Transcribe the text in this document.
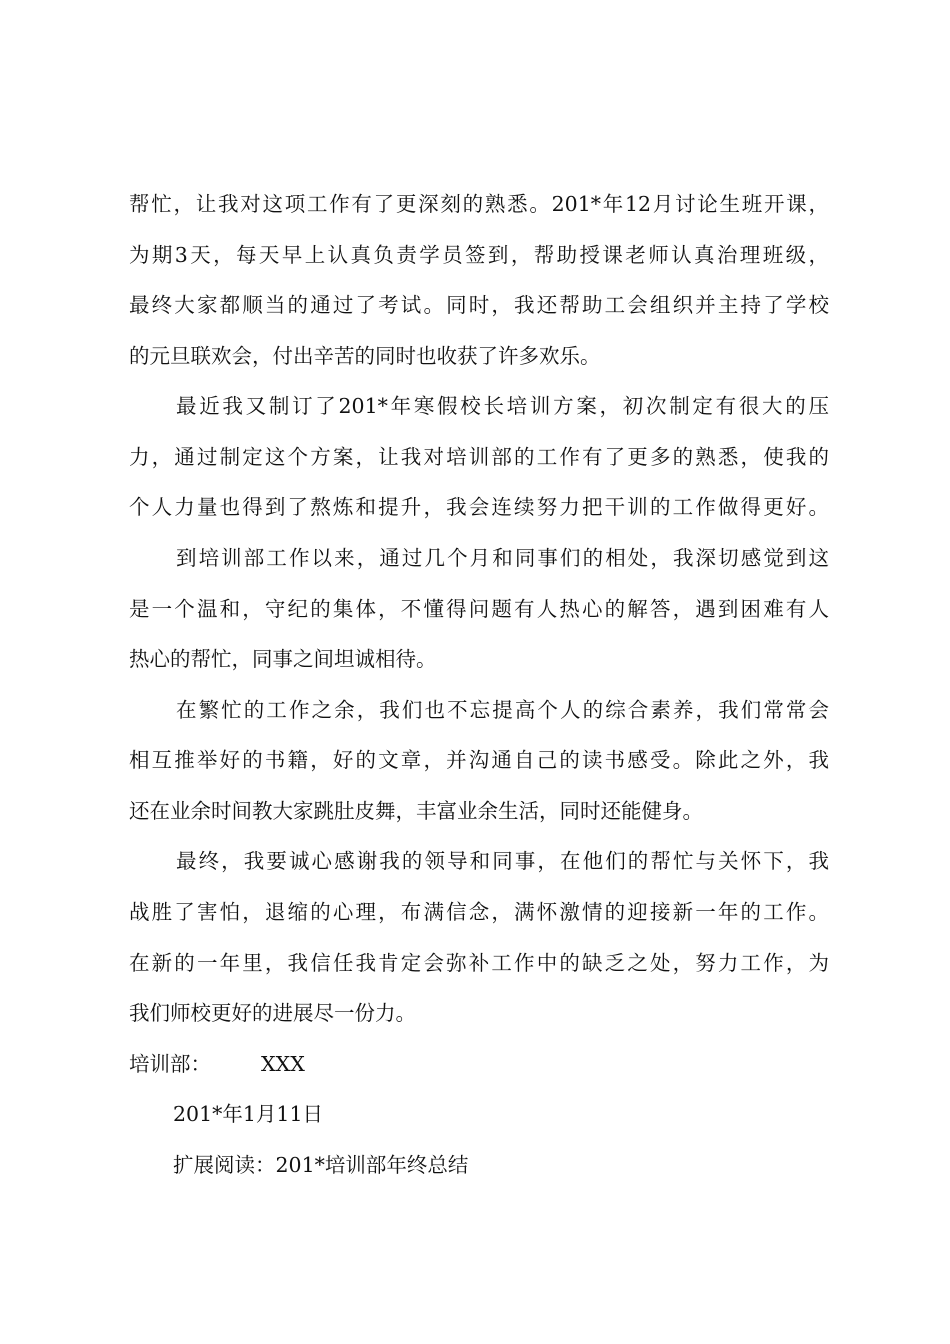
帮忙，让我对这项工作有了更深刻的熟悉。201*年12月讨论生班开课，
为期3天，每天早上认真负责学员签到，帮助授课老师认真治理班级，
最终大家都顺当的通过了考试。同时，我还帮助工会组织并主持了学校
的元旦联欢会，付出辛苦的同时也收获了许多欢乐。
最近我又制订了201*年寒假校长培训方案，初次制定有很大的压
力，通过制定这个方案，让我对培训部的工作有了更多的熟悉，使我的
个人力量也得到了熬炼和提升，我会连续努力把干训的工作做得更好。
到培训部工作以来，通过几个月和同事们的相处，我深切感觉到这
是一个温和，守纪的集体，不懂得问题有人热心的解答，遇到困难有人
热心的帮忙，同事之间坦诚相待。
在繁忙的工作之余，我们也不忘提高个人的综合素养，我们常常会
相互推举好的书籍，好的文章，并沟通自己的读书感受。除此之外，我
还在业余时间教大家跳肚皮舞，丰富业余生活，同时还能健身。
最终，我要诚心感谢我的领导和同事，在他们的帮忙与关怀下，我
战胜了害怕，退缩的心理，布满信念，满怀激情的迎接新一年的工作。
在新的一年里，我信任我肯定会弥补工作中的缺乏之处，努力工作，为
我们师校更好的进展尽一份力。
培训部： XXX
201*年1月11日
扩展阅读：201*培训部年终总结
